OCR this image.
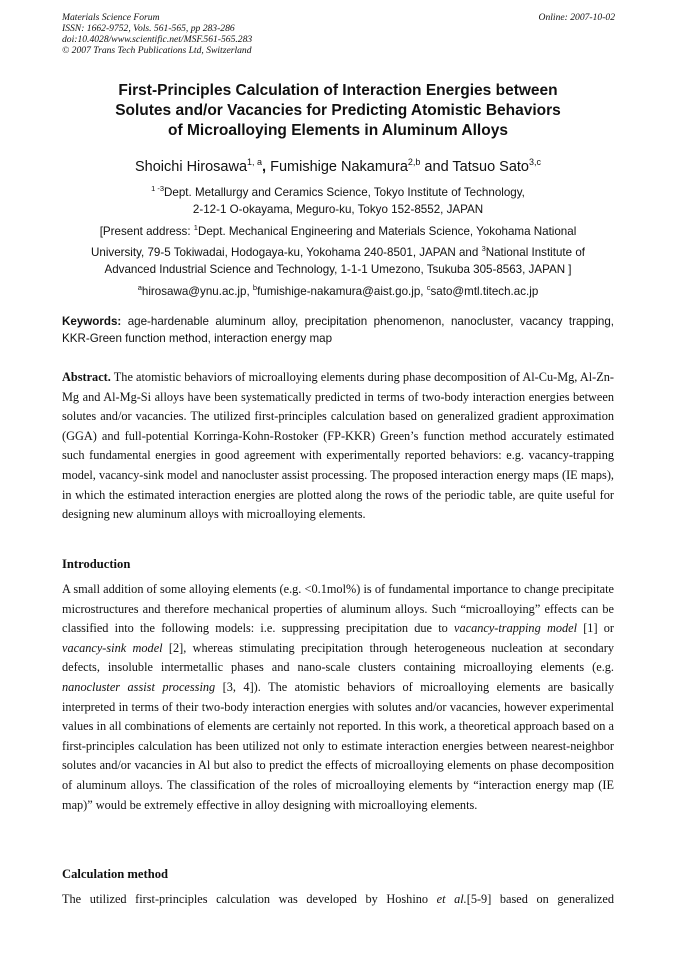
Materials Science Forum
ISSN: 1662-9752, Vols. 561-565, pp 283-286
doi:10.4028/www.scientific.net/MSF.561-565.283
© 2007 Trans Tech Publications Ltd, Switzerland
Online: 2007-10-02
First-Principles Calculation of Interaction Energies between
Solutes and/or Vacancies for Predicting Atomistic Behaviors
of Microalloying Elements in Aluminum Alloys
Shoichi Hirosawa$^{1, a}$, Fumishige Nakamura$^{2,b}$ and Tatsuo Sato$^{3,c}$
$^{1 -3}$Dept. Metallurgy and Ceramics Science, Tokyo Institute of Technology,
2-12-1 O-okayama, Meguro-ku, Tokyo 152-8552, JAPAN
[Present address: $^1$Dept. Mechanical Engineering and Materials Science, Yokohama National
University, 79-5 Tokiwadai, Hodogaya-ku, Yokohama 240-8501, JAPAN and $^3$National Institute of
Advanced Industrial Science and Technology, 1-1-1 Umezono, Tsukuba 305-8563, JAPAN ]
$^a$hirosawa@ynu.ac.jp, $^b$fumishige-nakamura@aist.go.jp, $^c$sato@mtl.titech.ac.jp
Keywords: age-hardenable aluminum alloy, precipitation phenomenon, nanocluster, vacancy trapping, KKR-Green function method, interaction energy map
Abstract. The atomistic behaviors of microalloying elements during phase decomposition of Al-Cu-Mg, Al-Zn-Mg and Al-Mg-Si alloys have been systematically predicted in terms of two-body interaction energies between solutes and/or vacancies. The utilized first-principles calculation based on generalized gradient approximation (GGA) and full-potential Korringa-Kohn-Rostoker (FP-KKR) Green’s function method accurately estimated such fundamental energies in good agreement with experimentally reported behaviors: e.g. vacancy-trapping model, vacancy-sink model and nanocluster assist processing. The proposed interaction energy maps (IE maps), in which the estimated interaction energies are plotted along the rows of the periodic table, are quite useful for designing new aluminum alloys with microalloying elements.
Introduction
A small addition of some alloying elements (e.g. <0.1mol%) is of fundamental importance to change precipitate microstructures and therefore mechanical properties of aluminum alloys. Such “microalloying” effects can be classified into the following models: i.e. suppressing precipitation due to vacancy-trapping model [1] or vacancy-sink model [2], whereas stimulating precipitation through heterogeneous nucleation at secondary defects, insoluble intermetallic phases and nano-scale clusters containing microalloying elements (e.g. nanocluster assist processing [3, 4]). The atomistic behaviors of microalloying elements are basically interpreted in terms of their two-body interaction energies with solutes and/or vacancies, however experimental values in all combinations of elements are certainly not reported. In this work, a theoretical approach based on a first-principles calculation has been utilized not only to estimate interaction energies between nearest-neighbor solutes and/or vacancies in Al but also to predict the effects of microalloying elements on phase decomposition of aluminum alloys. The classification of the roles of microalloying elements by “interaction energy map (IE map)” would be extremely effective in alloy designing with microalloying elements.
Calculation method
The utilized first-principles calculation was developed by Hoshino et al.[5-9] based on generalized
